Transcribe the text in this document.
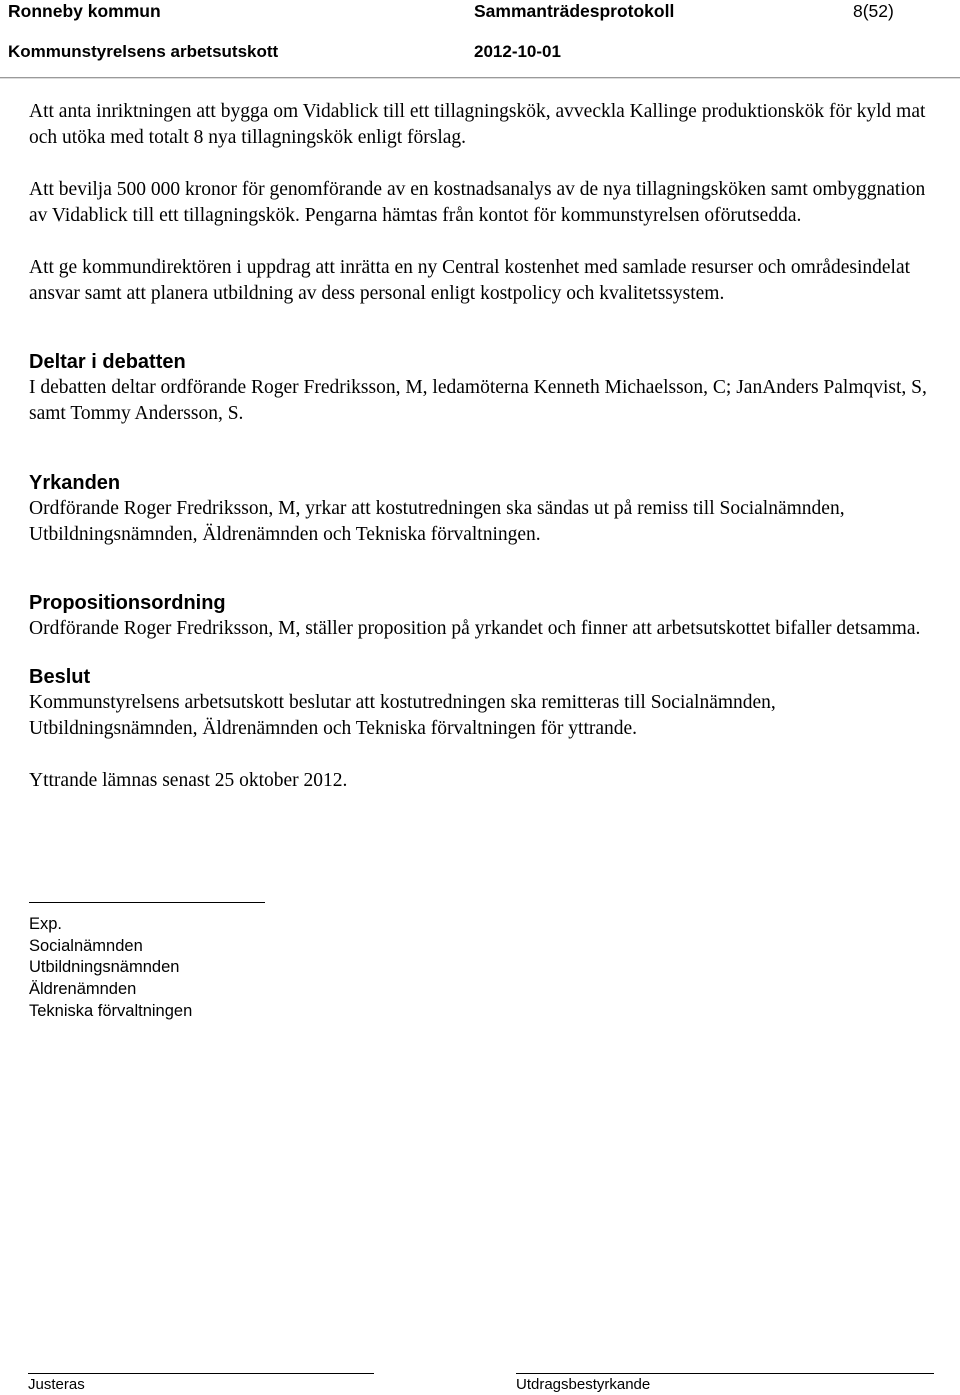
Ronneby kommun	Sammanträdesprotokoll	8(52)
Kommunstyrelsens arbetsutskott	2012-10-01

Att anta inriktningen att bygga om Vidablick till ett tillagningskök, avveckla Kallinge produktionskök för kyld mat och utöka med totalt 8 nya tillagningskök enligt förslag.

Att bevilja 500 000 kronor för genomförande av en kostnadsanalys av de nya tillagningsköken samt ombyggnation av Vidablick till ett tillagningskök. Pengarna hämtas från kontot för kommunstyrelsen oförutsedda.

Att ge kommundirektören i uppdrag att inrätta en ny Central kostenhet med samlade resurser och områdesindelat ansvar samt att planera utbildning av dess personal enligt kostpolicy och kvalitetssystem.

Deltar i debatten

I debatten deltar ordförande Roger Fredriksson, M, ledamöterna Kenneth Michaelsson, C; JanAnders Palmqvist, S, samt Tommy Andersson, S.

Yrkanden

Ordförande Roger Fredriksson, M, yrkar att kostutredningen ska sändas ut på remiss till Socialnämnden, Utbildningsnämnden, Äldrenämnden och Tekniska förvaltningen.

Propositionsordning

Ordförande Roger Fredriksson, M, ställer proposition på yrkandet och finner att arbetsutskottet bifaller detsamma.

Beslut

Kommunstyrelsens arbetsutskott beslutar att kostutredningen ska remitteras till Socialnämnden, Utbildningsnämnden, Äldrenämnden och Tekniska förvaltningen för yttrande.

Yttrande lämnas senast 25 oktober 2012.

Exp.
Socialnämnden
Utbildningsnämnden
Äldrenämnden
Tekniska förvaltningen
Justeras	Utdragsbestyrkande
